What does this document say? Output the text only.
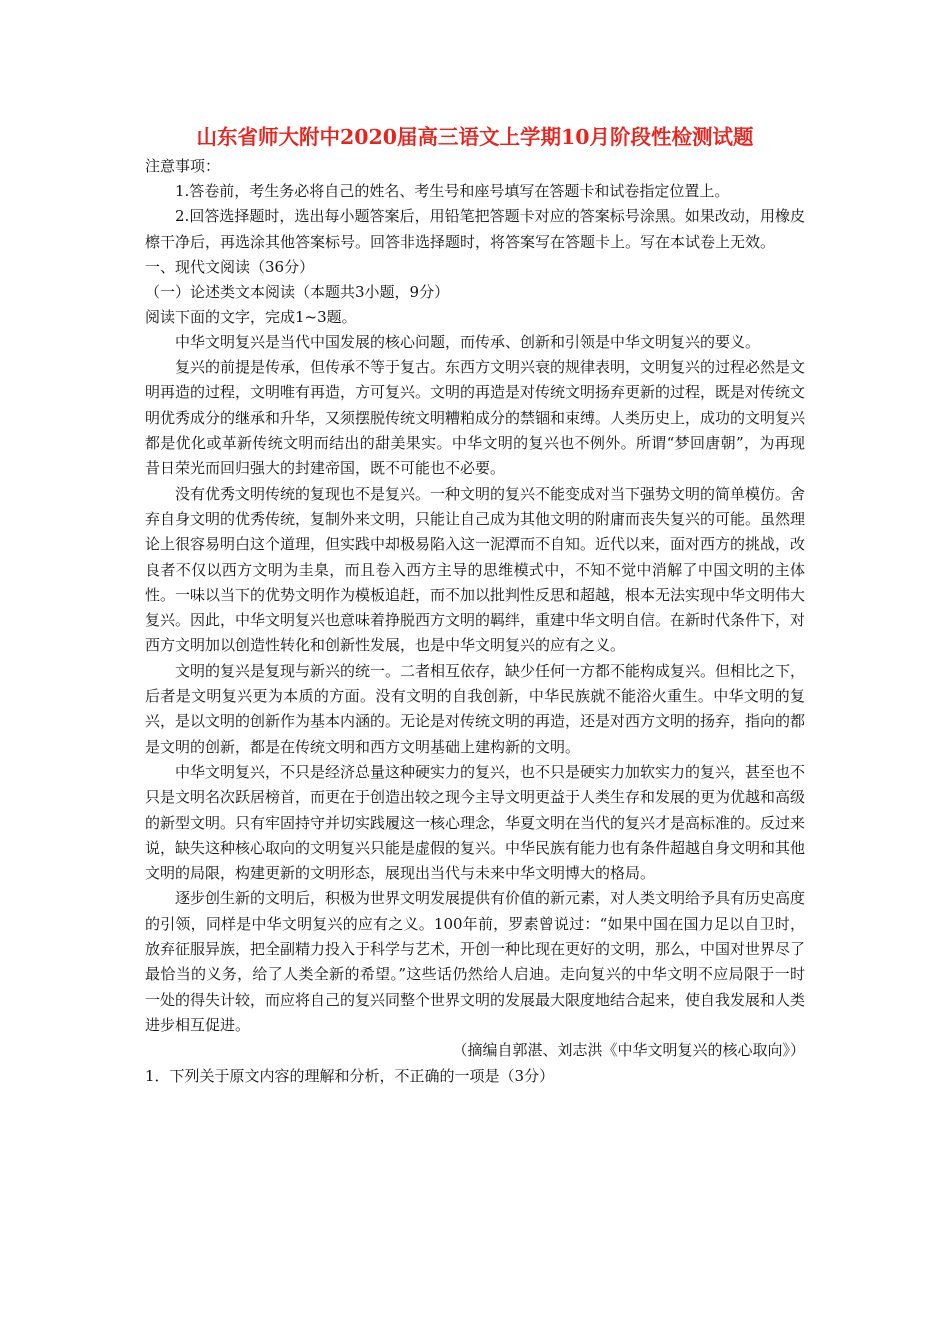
山东省师大附中2020届高三语文上学期10月阶段性检测试题

注意事项：

1.答卷前，考生务必将自己的姓名、考生号和座号填写在答题卡和试卷指定位置上。

2.回答选择题时，选出每小题答案后，用铅笔把答题卡对应的答案标号涂黑。如果改动，用橡皮檫干净后，再选涂其他答案标号。回答非选择题时，将答案写在答题卡上。写在本试卷上无效。

一、现代文阅读（36分）

（一）论述类文本阅读（本题共3小题，9分）

阅读下面的文字，完成1~3题。

中华文明复兴是当代中国发展的核心问题，而传承、创新和引领是中华文明复兴的要义。

复兴的前提是传承，但传承不等于复古。东西方文明兴衰的规律表明，文明复兴的过程必然是文明再造的过程，文明唯有再造，方可复兴。文明的再造是对传统文明扬弃更新的过程，既是对传统文明优秀成分的继承和升华，又须摆脱传统文明糟粕成分的禁锢和束缚。人类历史上，成功的文明复兴都是优化或革新传统文明而结出的甜美果实。中华文明的复兴也不例外。所谓“梦回唐朝”，为再现昔日荣光而回归强大的封建帝国，既不可能也不必要。

没有优秀文明传统的复现也不是复兴。一种文明的复兴不能变成对当下强势文明的简单模仿。舍弃自身文明的优秀传统，复制外来文明，只能让自己成为其他文明的附庸而丧失复兴的可能。虽然理论上很容易明白这个道理，但实践中却极易陷入这一泥潭而不自知。近代以来，面对西方的挑战，改良者不仅以西方文明为圭臬，而且卷入西方主导的思维模式中，不知不觉中消解了中国文明的主体性。一味以当下的优势文明作为模板追赶，而不加以批判性反思和超越，根本无法实现中华文明伟大复兴。因此，中华文明复兴也意味着挣脱西方文明的羁绊，重建中华文明自信。在新时代条件下，对西方文明加以创造性转化和创新性发展，也是中华文明复兴的应有之义。

文明的复兴是复现与新兴的统一。二者相互依存，缺少任何一方都不能构成复兴。但相比之下，后者是文明复兴更为本质的方面。没有文明的自我创新，中华民族就不能浴火重生。中华文明的复兴，是以文明的创新作为基本内涵的。无论是对传统文明的再造，还是对西方文明的扬弃，指向的都是文明的创新，都是在传统文明和西方文明基础上建构新的文明。

中华文明复兴，不只是经济总量这种硬实力的复兴，也不只是硬实力加软实力的复兴，甚至也不只是文明名次跃居榜首，而更在于创造出较之现今主导文明更益于人类生存和发展的更为优越和高级的新型文明。只有牢固持守并切实践履这一核心理念，华夏文明在当代的复兴才是高标准的。反过来说，缺失这种核心取向的文明复兴只能是虚假的复兴。中华民族有能力也有条件超越自身文明和其他文明的局限，构建更新的文明形态，展现出当代与未来中华文明博大的格局。

逐步创生新的文明后，积极为世界文明发展提供有价值的新元素，对人类文明给予具有历史高度的引领，同样是中华文明复兴的应有之义。100年前，罗素曾说过：“如果中国在国力足以自卫时，放弃征服异族，把全副精力投入于科学与艺术，开创一种比现在更好的文明，那么，中国对世界尽了最恰当的义务，给了人类全新的希望。”这些话仍然给人启迪。走向复兴的中华文明不应局限于一时一处的得失计较，而应将自己的复兴同整个世界文明的发展最大限度地结合起来，使自我发展和人类进步相互促进。

（摘编自郭湛、刘志洪《中华文明复兴的核心取向》）

1．下列关于原文内容的理解和分析，不正确的一项是（3分）
